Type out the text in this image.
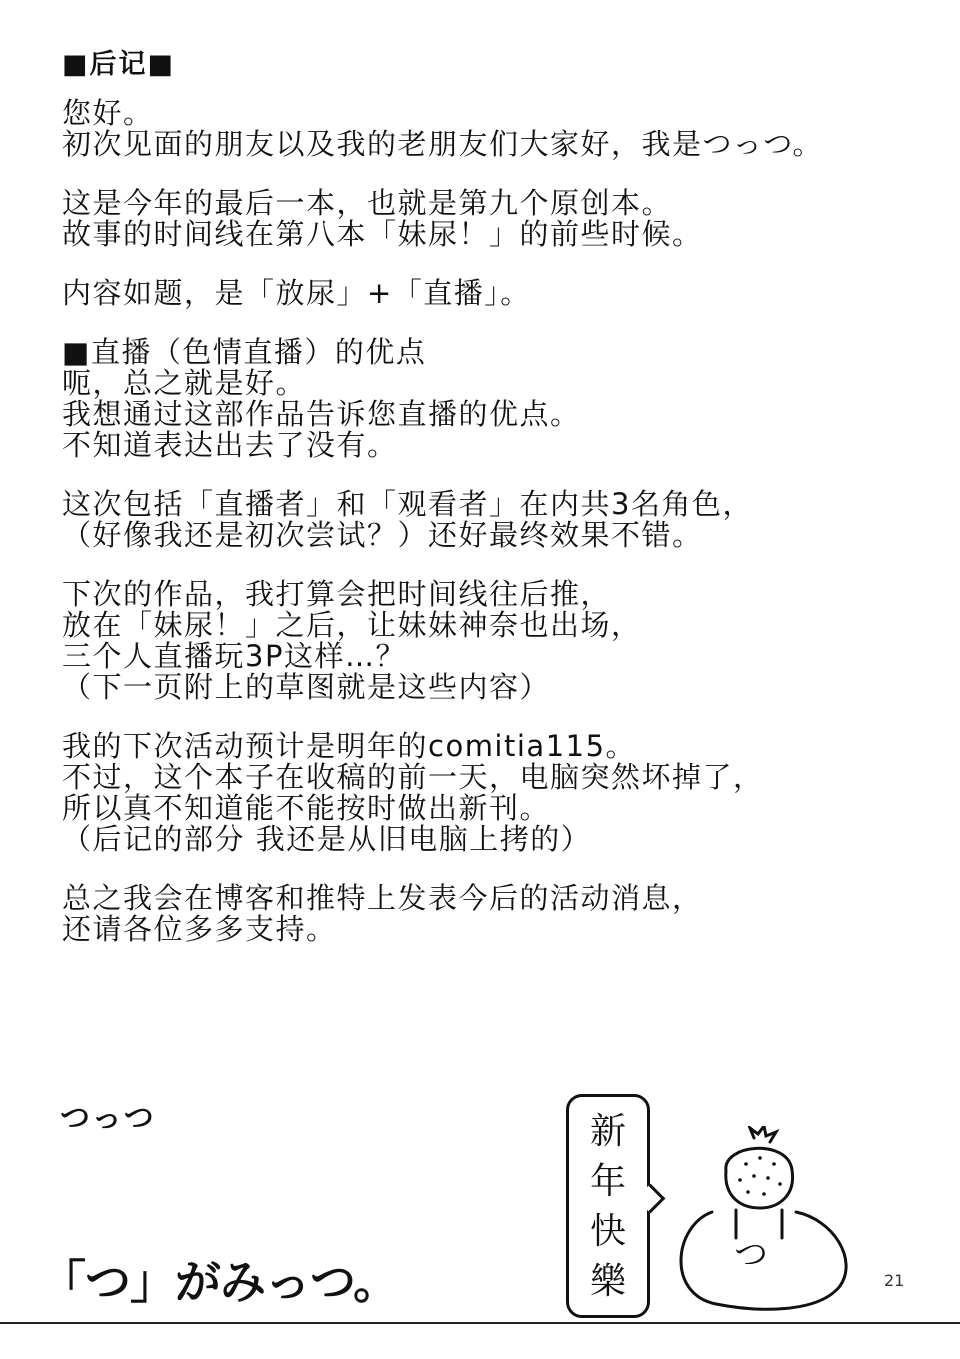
■后记■
您好。
初次见面的朋友以及我的老朋友们大家好，我是つっつ。
这是今年的最后一本，也就是第九个原创本。
故事的时间线在第八本「妹尿！」的前些时候。
内容如题，是「放尿」+「直播」。
■直播（色情直播）的优点
呃，总之就是好。
我想通过这部作品告诉您直播的优点。
不知道表达出去了没有。
这次包括「直播者」和「观看者」在内共3名角色，
（好像我还是初次尝试？）还好最终效果不错。
下次的作品，我打算会把时间线往后推，
放在「妹尿！」之后，让妹妹神奈也出场，
三个人直播玩3P这样…？
（下一页附上的草图就是这些内容）
我的下次活动预计是明年的comitia115。
不过，这个本子在收稿的前一天，电脑突然坏掉了，
所以真不知道能不能按时做出新刊。
（后记的部分 我还是从旧电脑上拷的）
总之我会在博客和推特上发表今后的活动消息，
还请各位多多支持。
つっつ	新
年
快
樂
つ
「つ」がみっつ。	21
